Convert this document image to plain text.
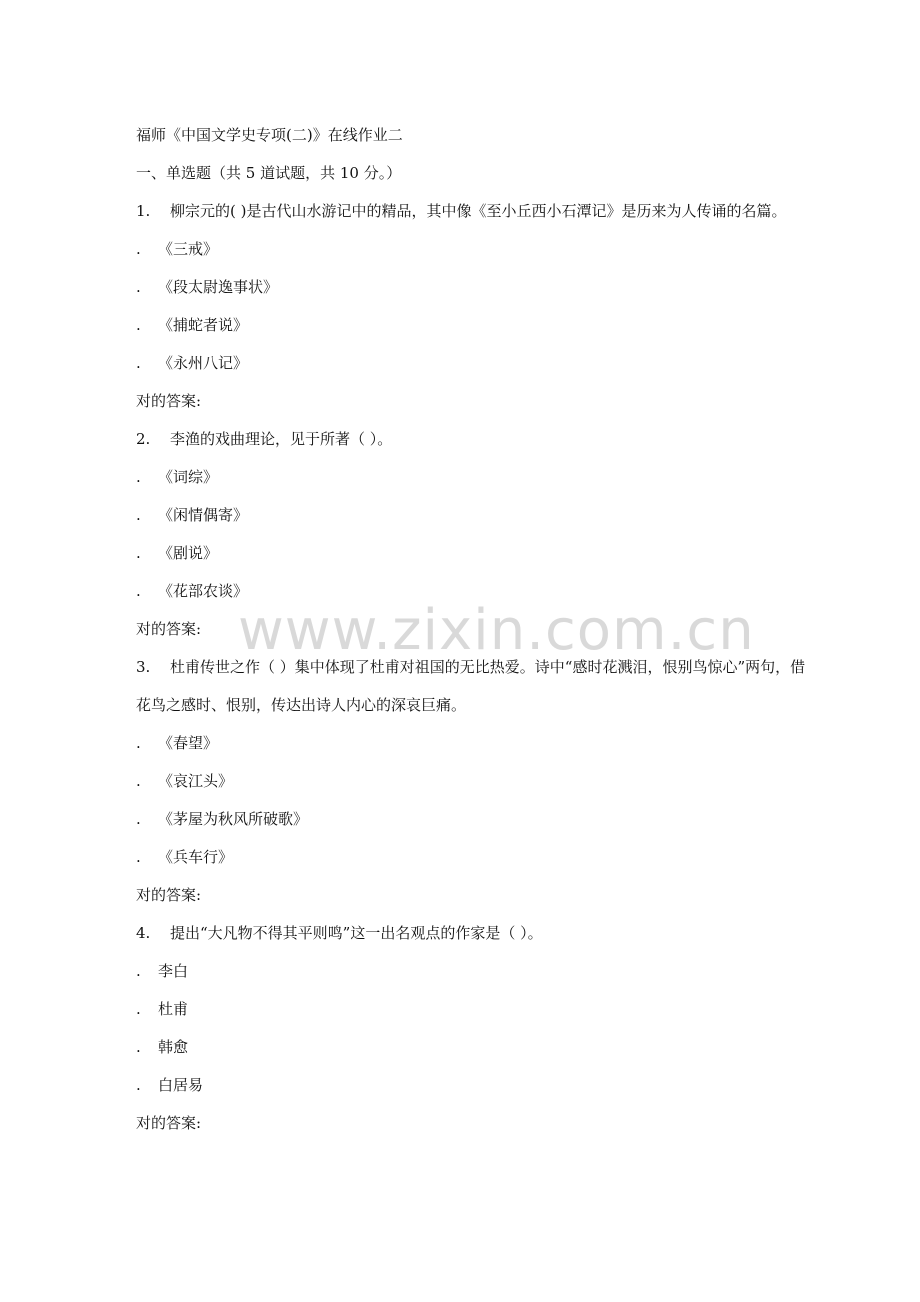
福师《中国文学史专项(二)》在线作业二
一、单选题（共 5 道试题，共 10 分。）
1. 柳宗元的( )是古代山水游记中的精品，其中像《至小丘西小石潭记》是历来为人传诵的名篇。
. 《三戒》
. 《段太尉逸事状》
. 《捕蛇者说》
. 《永州八记》
对的答案:
2. 李渔的戏曲理论，见于所著（ ）。
. 《词综》
. 《闲情偶寄》
. 《剧说》
. 《花部农谈》
对的答案:
3. 杜甫传世之作（ ）集中体现了杜甫对祖国的无比热爱。诗中“感时花溅泪，恨别鸟惊心”两句，借花鸟之感时、恨别，传达出诗人内心的深哀巨痛。
. 《春望》
. 《哀江头》
. 《茅屋为秋风所破歌》
. 《兵车行》
对的答案:
4. 提出“大凡物不得其平则鸣”这一出名观点的作家是（ ）。
. 李白
. 杜甫
. 韩愈
. 白居易
对的答案:
www.zixin.com.cn
